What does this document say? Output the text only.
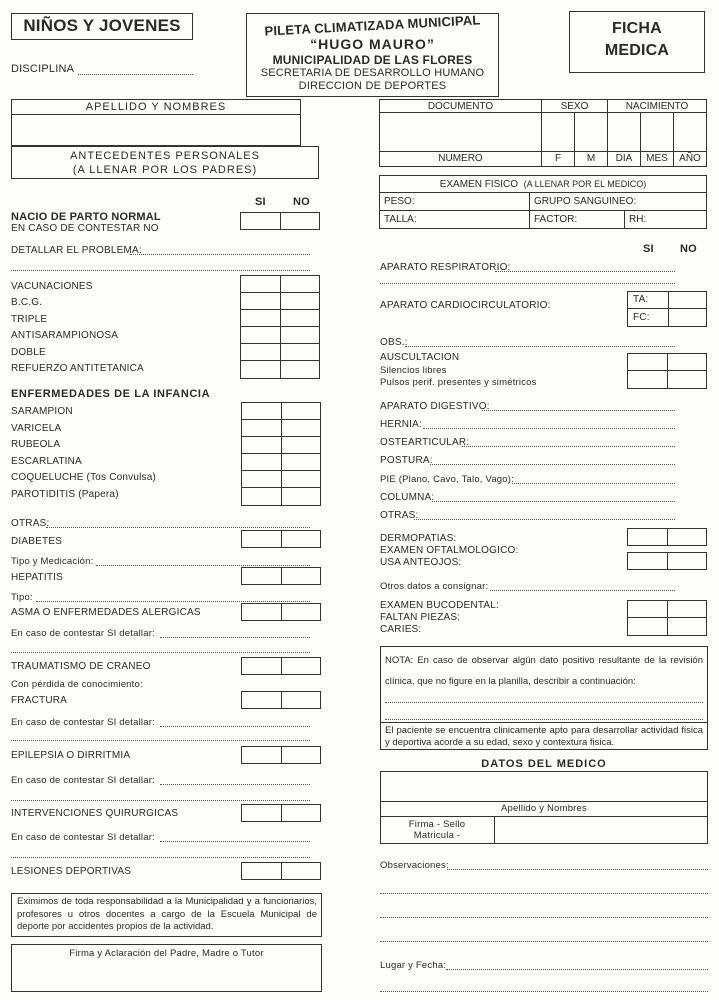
NIÑOS Y JOVENES
DISCIPLINA
PILETA CLIMATIZADA MUNICIPAL
“HUGO MAURO”
MUNICIPALIDAD DE LAS FLORES
SECRETARIA DE DESARROLLO HUMANO
DIRECCION DE DEPORTES
FICHA
MEDICA
APELLIDO Y NOMBRES
ANTECEDENTES PERSONALES
(A LLENAR POR LOS PADRES)
DOCUMENTO	SEXO		NACIMIENTO		

NUMERO	F	M	DIA	MES	AÑO
EXAMEN FISICO (A LLENAR POR EL MEDICO)		
PESO:	GRUPO SANGUINEO:	
TALLA:	FACTOR:	RH:
SI NO
NACIO DE PARTO NORMAL
EN CASO DE CONTESTAR NO
DETALLAR EL PROBLEMA:
VACUNACIONES
B.C.G.
TRIPLE
ANTISARAMPIONOSA
DOBLE
REFUERZO ANTITETANICA
ENFERMEDADES DE LA INFANCIA
SARAMPION
VARICELA
RUBEOLA
ESCARLATINA
COQUELUCHE (Tos Convulsa)
PAROTIDITIS (Papera)
OTRAS:
DIABETES
Tipo y Medicación:
HEPATITIS
Tipo:
ASMA O ENFERMEDADES ALERGICAS
En caso de contestar SI detallar:
TRAUMATISMO DE CRANEO
Con pérdida de conocimiento:
FRACTURA
En caso de contestar SI detallar:
EPILEPSIA O DIRRITMIA
En caso de contestar SI detallar:
INTERVENCIONES QUIRURGICAS
En caso de contestar SI detallar:
LESIONES DEPORTIVAS
Eximimos de toda responsabilidad a la Municipalidad y a funcionarios, profesores u otros docentes a cargo de la Escuela Municipal de deporte por accidentes propios de la actividad.
Firma y Aclaración del Padre, Madre o Tutor
SI NO
APARATO RESPIRATORIO:
APARATO CARDIOCIRCULATORIO:
TA:
FC:
OBS.:
AUSCULTACION
Silencios libres
Pulsos perif. presentes y simétricos
APARATO DIGESTIVO:
HERNIA:
OSTEARTICULAR:
POSTURA:
PIE (Plano, Cavo, Talo, Vago):
COLUMNA:
OTRAS:
DERMOPATIAS:
EXAMEN OFTALMOLOGICO:
USA ANTEOJOS:
Otros datos a consignar:
EXAMEN BUCODENTAL:
FALTAN PIEZAS:
CARIES:
NOTA: En caso de observar algún dato positivo resultante de la revisión clínica, que no figure en la planilla, describir a continuación:
El paciente se encuentra clinicamente apto para desarrollar actividad fisica y deportiva acorde a su edad, sexo y contextura fisica.
DATOS DEL MEDICO
Apellido y Nombres
Firma - Sello
Matricula -
Observaciones:
Lugar y Fecha:
